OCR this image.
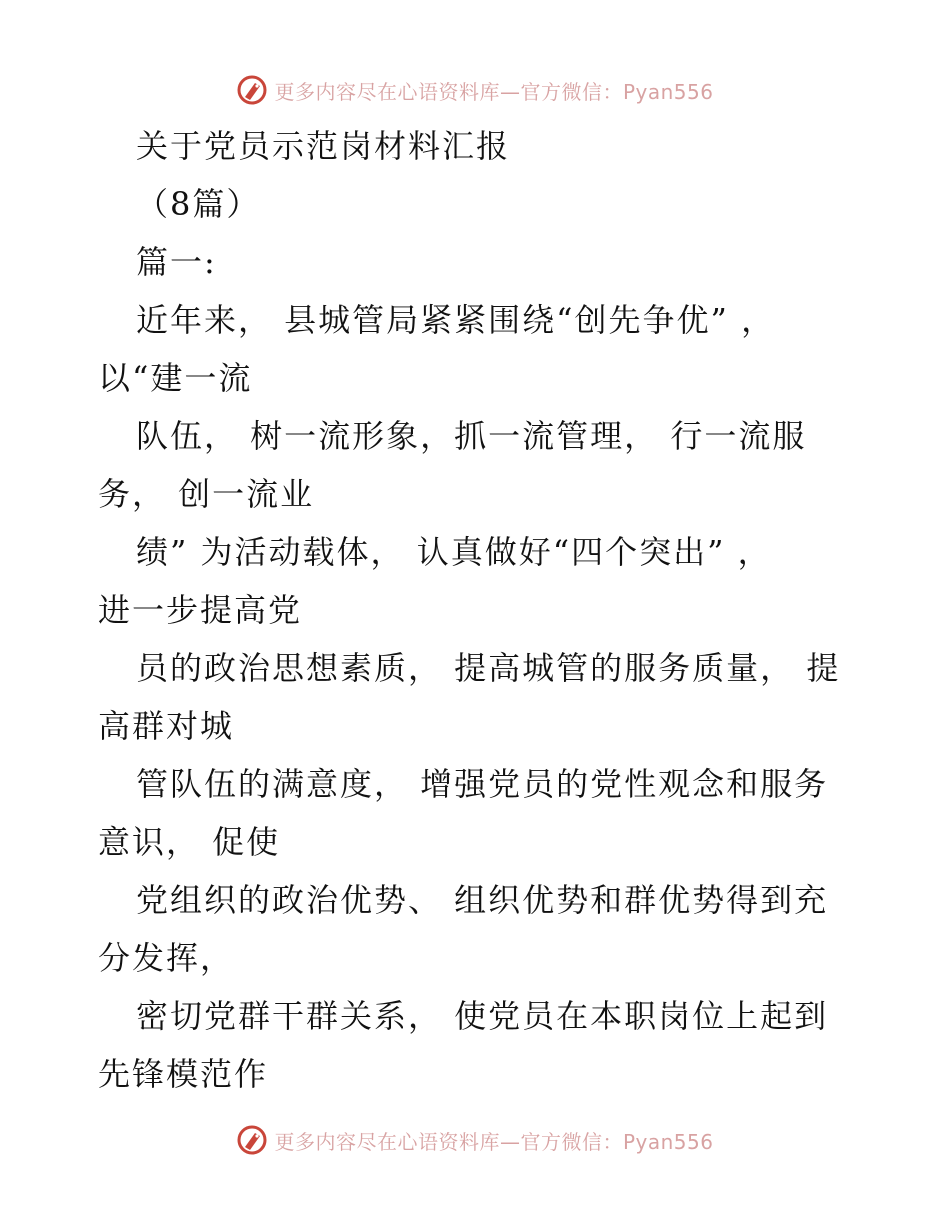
更多内容尽在心语资料库—官方微信：Pyan556
关于党员示范岗材料汇报
（8篇）
篇一:
近年来， 县城管局紧紧围绕“创先争优” ，
以“建一流
队伍， 树一流形象，抓一流管理， 行一流服
务， 创一流业
绩” 为活动载体， 认真做好“四个突出” ，
进一步提高党
员的政治思想素质， 提高城管的服务质量， 提
高群对城
管队伍的满意度， 增强党员的党性观念和服务
意识， 促使
党组织的政治优势、 组织优势和群优势得到充
分发挥，
密切党群干群关系， 使党员在本职岗位上起到
先锋模范作
更多内容尽在心语资料库—官方微信：Pyan556
